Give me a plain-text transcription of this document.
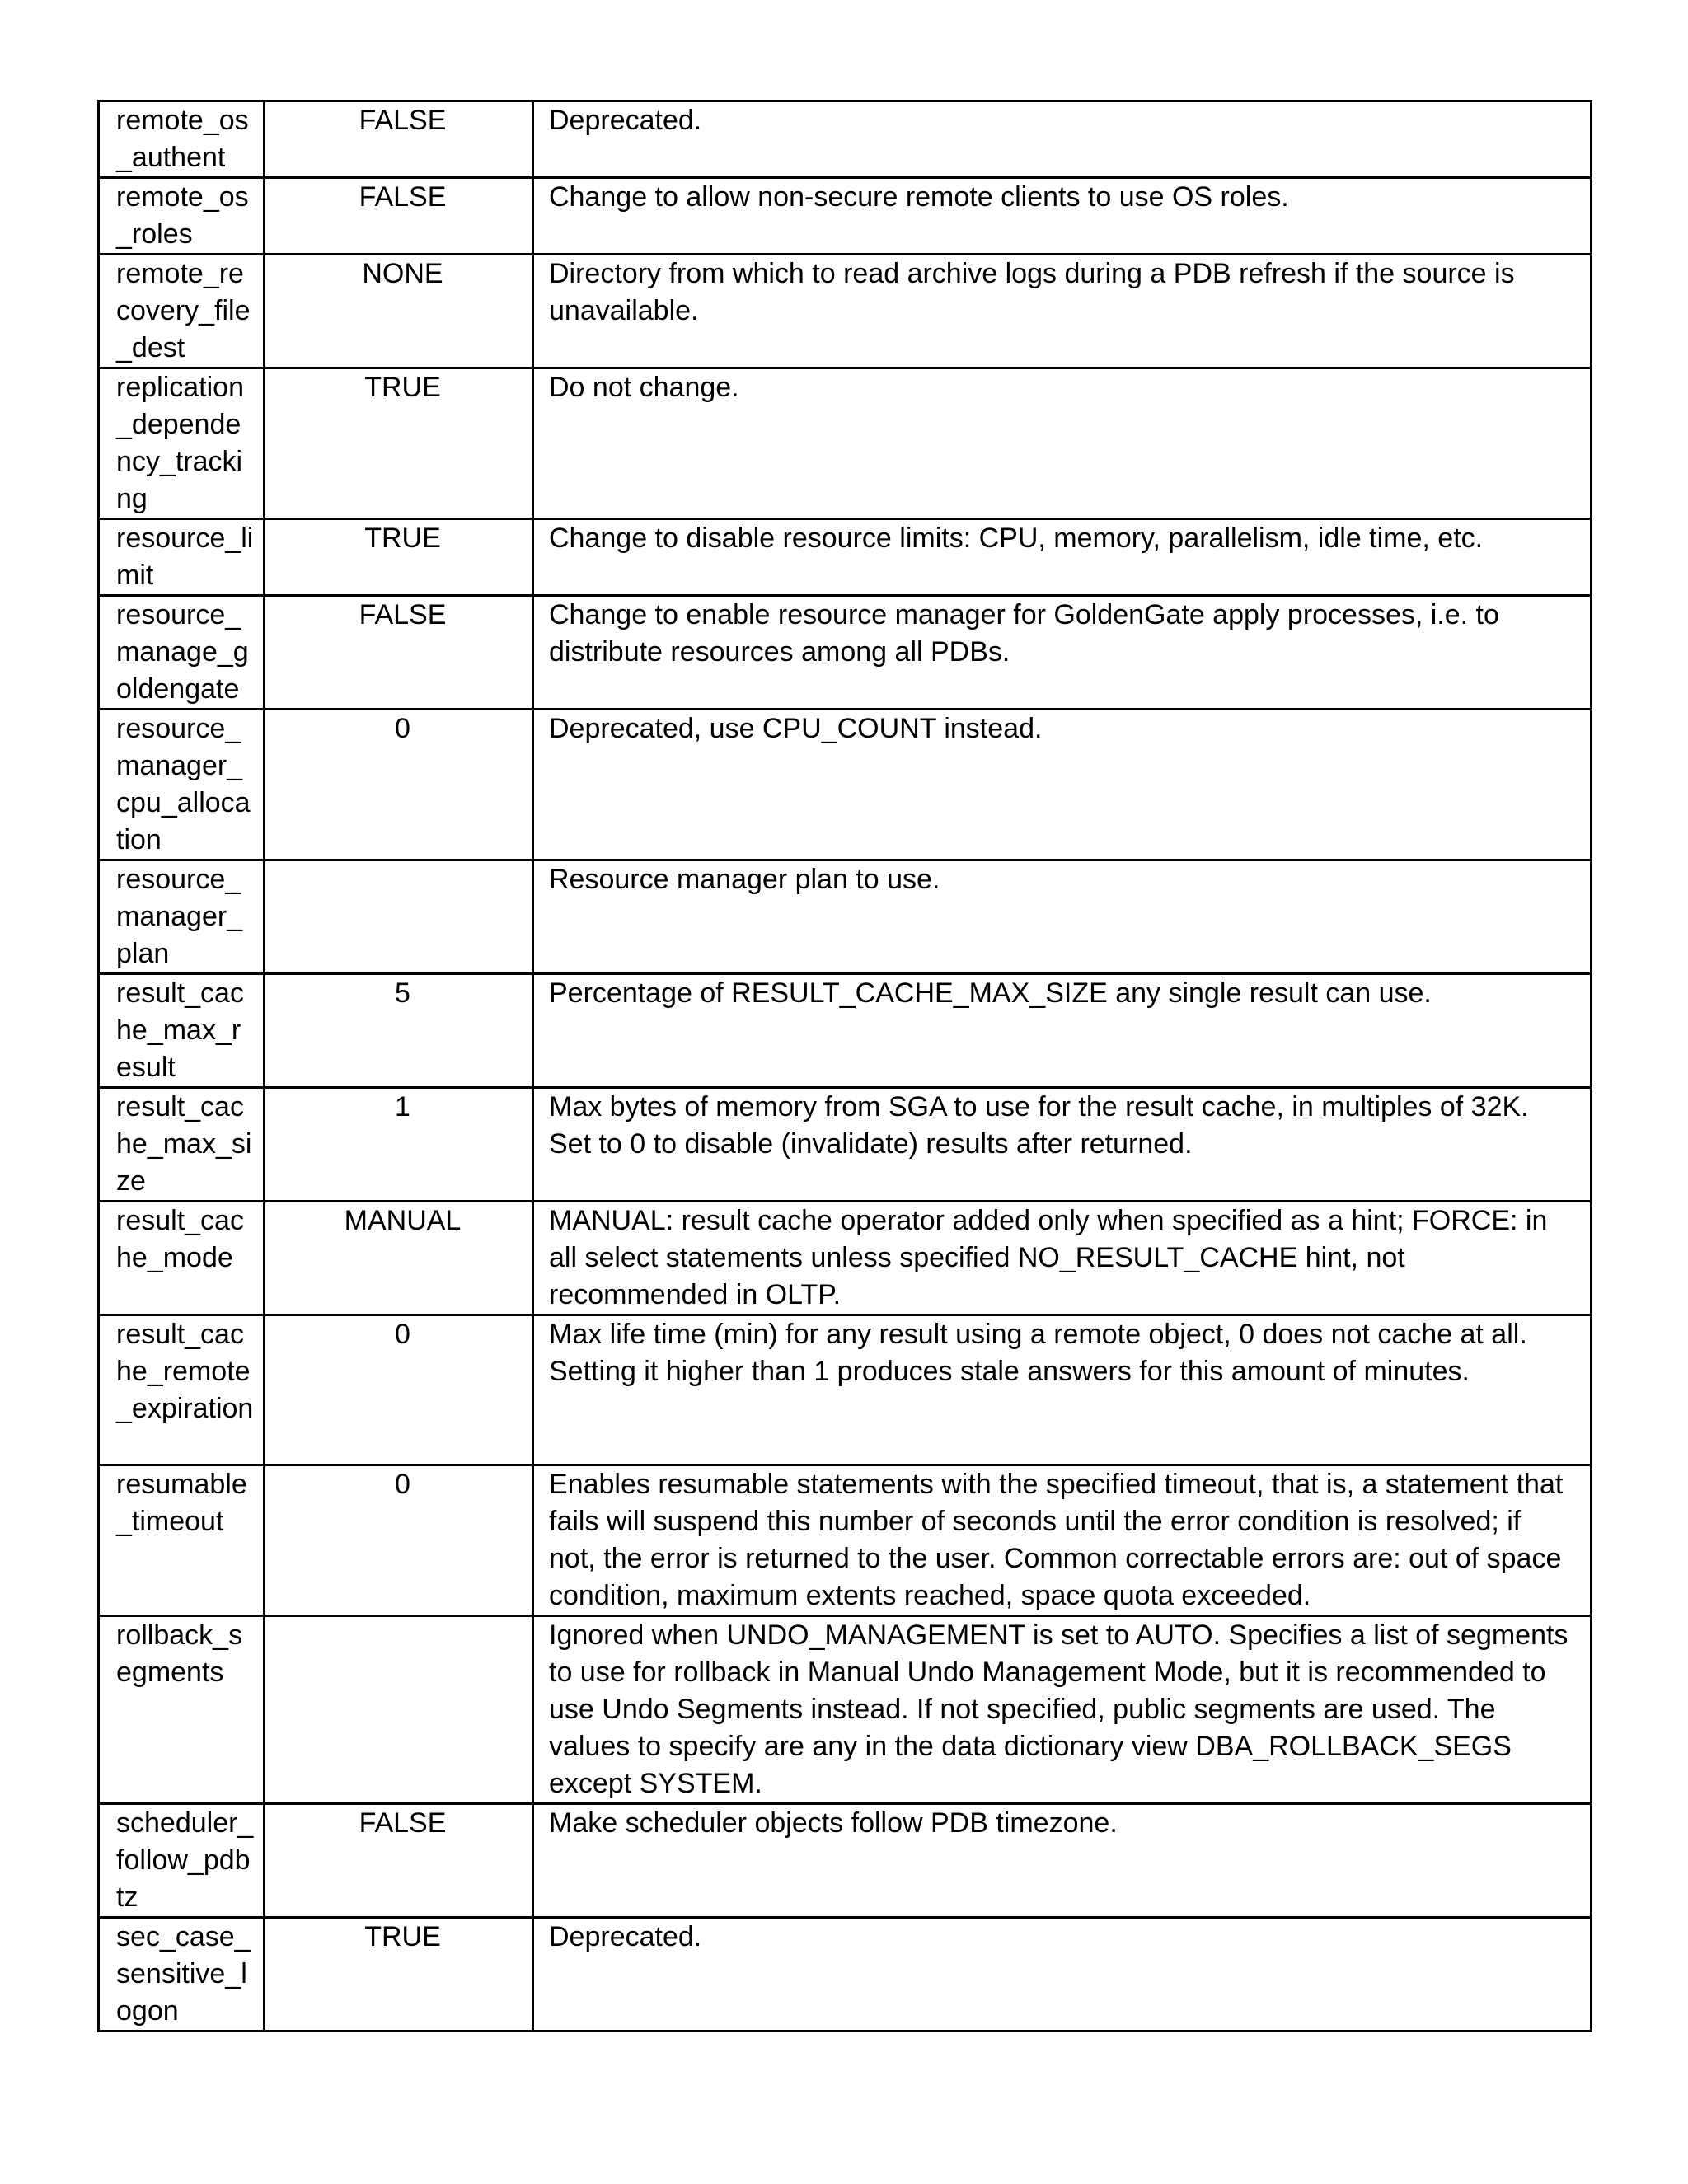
remote_os_authent	FALSE	Deprecated.
remote_os_roles	FALSE	Change to allow non-secure remote clients to use OS roles.
remote_recovery_file_dest	NONE	Directory from which to read archive logs during a PDB refresh if the source is unavailable.
replication_dependency_tracking	TRUE	Do not change.
resource_limit	TRUE	Change to disable resource limits: CPU, memory, parallelism, idle time, etc.
resource_manage_goldengate	FALSE	Change to enable resource manager for GoldenGate apply processes, i.e. to distribute resources among all PDBs.
resource_manager_cpu_allocation	0	Deprecated, use CPU_COUNT instead.
resource_manager_plan		Resource manager plan to use.
result_cache_max_result	5	Percentage of RESULT_CACHE_MAX_SIZE any single result can use.
result_cache_max_size	1	Max bytes of memory from SGA to use for the result cache, in multiples of 32K. Set to 0 to disable (invalidate) results after returned.
result_cache_mode	MANUAL	MANUAL: result cache operator added only when specified as a hint; FORCE: in all select statements unless specified NO_RESULT_CACHE hint, not recommended in OLTP.
result_cache_remote_expiration	0	Max life time (min) for any result using a remote object, 0 does not cache at all. Setting it higher than 1 produces stale answers for this amount of minutes.
resumable_timeout	0	Enables resumable statements with the specified timeout, that is, a statement that fails will suspend this number of seconds until the error condition is resolved; if not, the error is returned to the user. Common correctable errors are: out of space condition, maximum extents reached, space quota exceeded.
rollback_segments		Ignored when UNDO_MANAGEMENT is set to AUTO. Specifies a list of segments to use for rollback in Manual Undo Management Mode, but it is recommended to use Undo Segments instead. If not specified, public segments are used. The values to specify are any in the data dictionary view DBA_ROLLBACK_SEGS except SYSTEM.
scheduler_follow_pdbtz	FALSE	Make scheduler objects follow PDB timezone.
sec_case_sensitive_logon	TRUE	Deprecated.
